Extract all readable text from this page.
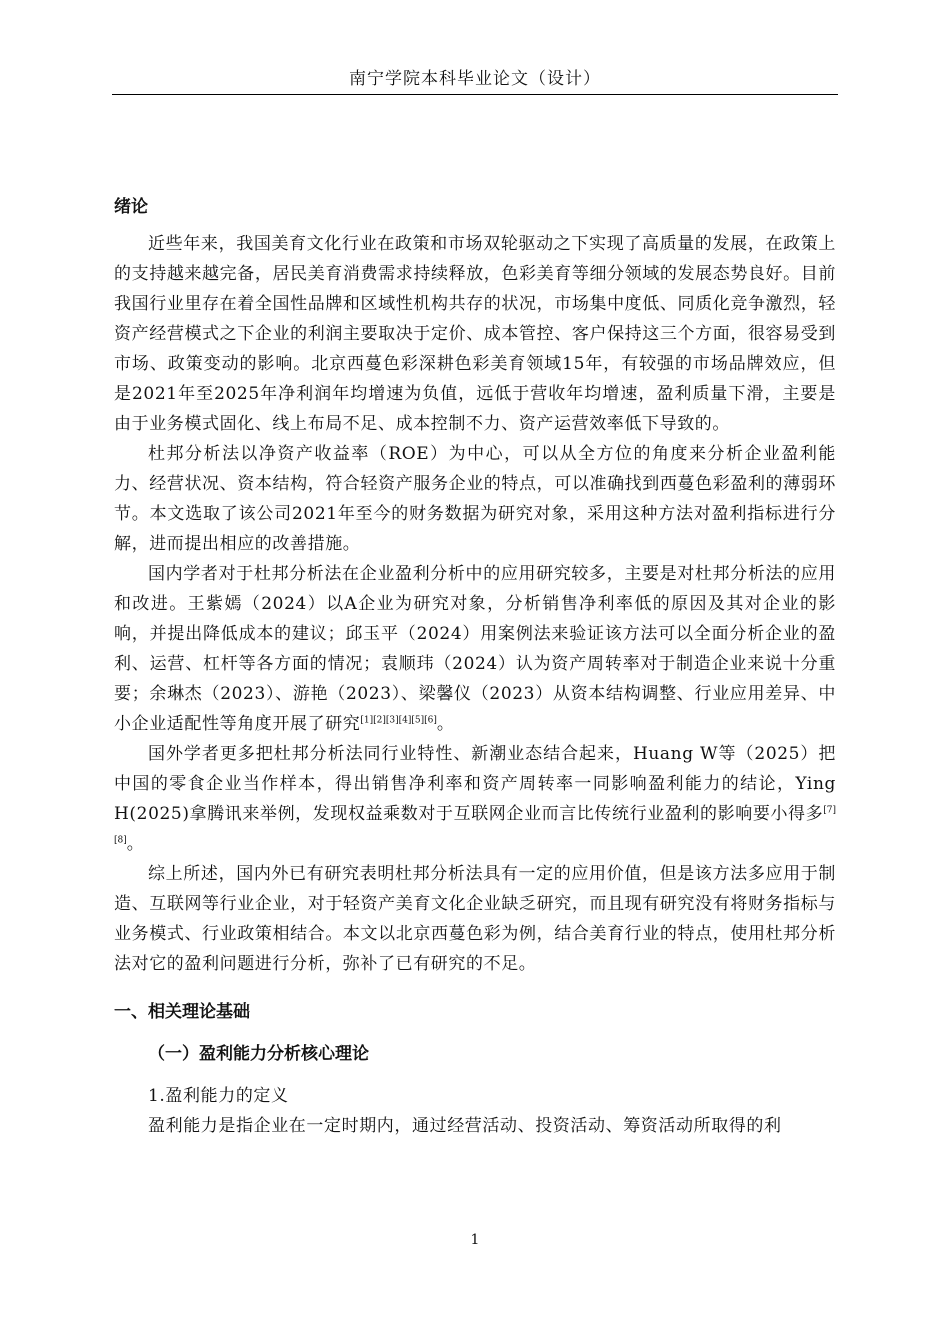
南宁学院本科毕业论文（设计）
绪论

近些年来，我国美育文化行业在政策和市场双轮驱动之下实现了高质量的发展，在政策上的支持越来越完备，居民美育消费需求持续释放，色彩美育等细分领域的发展态势良好。目前我国行业里存在着全国性品牌和区域性机构共存的状况，市场集中度低、同质化竞争激烈，轻资产经营模式之下企业的利润主要取决于定价、成本管控、客户保持这三个方面，很容易受到市场、政策变动的影响。北京西蔓色彩深耕色彩美育领域15年，有较强的市场品牌效应，但是2021年至2025年净利润年均增速为负值，远低于营收年均增速，盈利质量下滑，主要是由于业务模式固化、线上布局不足、成本控制不力、资产运营效率低下导致的。

杜邦分析法以净资产收益率（ROE）为中心，可以从全方位的角度来分析企业盈利能力、经营状况、资本结构，符合轻资产服务企业的特点，可以准确找到西蔓色彩盈利的薄弱环节。本文选取了该公司2021年至今的财务数据为研究对象，采用这种方法对盈利指标进行分解，进而提出相应的改善措施。

国内学者对于杜邦分析法在企业盈利分析中的应用研究较多，主要是对杜邦分析法的应用和改进。王紫嫣（2024）以A企业为研究对象，分析销售净利率低的原因及其对企业的影响，并提出降低成本的建议；邱玉平（2024）用案例法来验证该方法可以全面分析企业的盈利、运营、杠杆等各方面的情况；袁顺玮（2024）认为资产周转率对于制造企业来说十分重要；余琳杰（2023）、游艳（2023）、梁馨仪（2023）从资本结构调整、行业应用差异、中小企业适配性等角度开展了研究[1][2][3][4][5][6]。

国外学者更多把杜邦分析法同行业特性、新潮业态结合起来，Huang W等（2025）把中国的零食企业当作样本，得出销售净利率和资产周转率一同影响盈利能力的结论，Ying H(2025)拿腾讯来举例，发现权益乘数对于互联网企业而言比传统行业盈利的影响要小得多[7][8]。

综上所述，国内外已有研究表明杜邦分析法具有一定的应用价值，但是该方法多应用于制造、互联网等行业企业，对于轻资产美育文化企业缺乏研究，而且现有研究没有将财务指标与业务模式、行业政策相结合。本文以北京西蔓色彩为例，结合美育行业的特点，使用杜邦分析法对它的盈利问题进行分析，弥补了已有研究的不足。

一、相关理论基础
（一）盈利能力分析核心理论

1.盈利能力的定义

盈利能力是指企业在一定时期内，通过经营活动、投资活动、筹资活动所取得的利

1
